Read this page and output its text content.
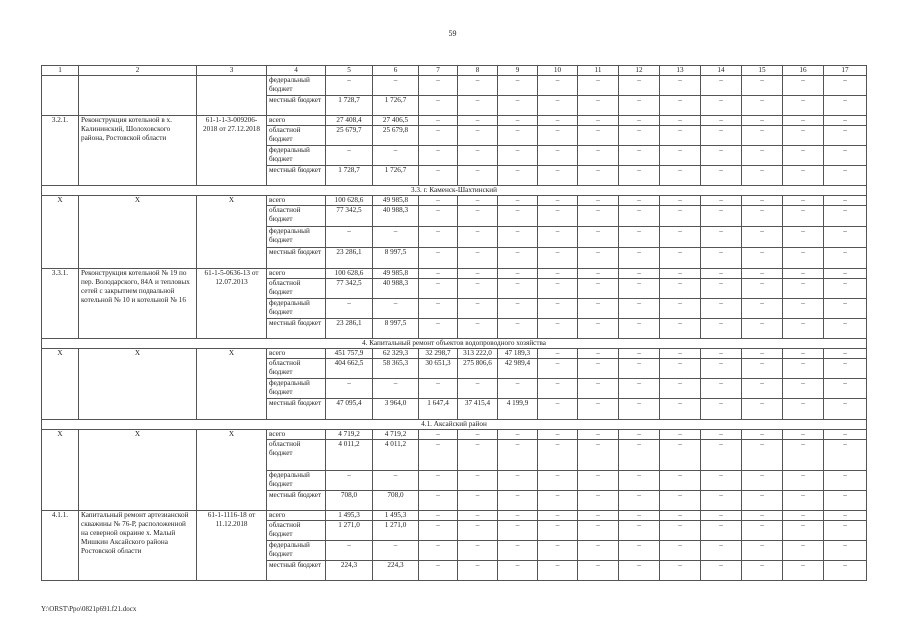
59
1	2	3	4	5	6	7	8	9	10	11	12	13	14	15	16	17
			федеральный бюджет	–	–	–	–	–	–	–	–	–	–	–	–	–
			местный бюджет	1 728,7	1 726,7	–	–	–	–	–	–	–	–	–	–	–
3.2.1.	Реконструкция котельной в х. Калининский, Шолоховского района, Ростовской области	61-1-1-3-009206-2018 от 27.12.2018	всего	27 408,4	27 406,5	–	–	–	–	–	–	–	–	–	–	–
			областной бюджет	25 679,7	25 679,8	–	–	–	–	–	–	–	–	–	–	–
			федеральный бюджет	–	–	–	–	–	–	–	–	–	–	–	–	–
			местный бюджет	1 728,7	1 726,7	–	–	–	–	–	–	–	–	–	–	–
3.3. г. Каменск-Шахтинский																
Х	Х	Х	всего	100 628,6	49 985,8	–	–	–	–	–	–	–	–	–	–	–
			областной бюджет	77 342,5	40 988,3	–	–	–	–	–	–	–	–	–	–	–
			федеральный бюджет	–	–	–	–	–	–	–	–	–	–	–	–	–
			местный бюджет	23 286,1	8 997,5	–	–	–	–	–	–	–	–	–	–	–
3.3.1.	Реконструкция котельной № 19 по пер. Володарского, 84А и тепловых сетей с закрытием подвальной котельной № 10 и котельной № 16	61-1-5-0636-13 от 12.07.2013	всего	100 628,6	49 985,8	–	–	–	–	–	–	–	–	–	–	–
			областной бюджет	77 342,5	40 988,3	–	–	–	–	–	–	–	–	–	–	–
			федеральный бюджет	–	–	–	–	–	–	–	–	–	–	–	–	–
			местный бюджет	23 286,1	8 997,5	–	–	–	–	–	–	–	–	–	–	–
4. Капитальный ремонт объектов водопроводного хозяйства																
Х	Х	Х	всего	451 757,9	62 329,3	32 298,7	313 222,0	47 189,3	–	–	–	–	–	–	–	–
			областной бюджет	404 662,5	58 365,3	30 651,3	275 806,6	42 989,4	–	–	–	–	–	–	–	–
			федеральный бюджет	–	–	–	–	–	–	–	–	–	–	–	–	–
			местный бюджет	47 095,4	3 964,0	1 647,4	37 415,4	4 199,9	–	–	–	–	–	–	–	–
4.1. Аксайский район																
Х	Х	Х	всего	4 719,2	4 719,2	–	–	–	–	–	–	–	–	–	–	–
			областной бюджет	4 011,2	4 011,2	–	–	–	–	–	–	–	–	–	–	–
			федеральный бюджет	–	–	–	–	–	–	–	–	–	–	–	–	–
			местный бюджет	708,0	708,0	–	–	–	–	–	–	–	–	–	–	–
4.1.1.	Капитальный ремонт артезианской скважины № 76-Р, расположенной на северной окраине х. Малый Мишкин Аксайского района Ростовской области	61-1-1116-18 от 11.12.2018	всего	1 495,3	1 495,3	–	–	–	–	–	–	–	–	–	–	–
			областной бюджет	1 271,0	1 271,0	–	–	–	–	–	–	–	–	–	–	–
			федеральный бюджет	–	–	–	–	–	–	–	–	–	–	–	–	–
			местный бюджет	224,3	224,3	–	–	–	–	–	–	–	–	–	–	–
Y:\ORST\Ppo\0821p691.f21.docx
